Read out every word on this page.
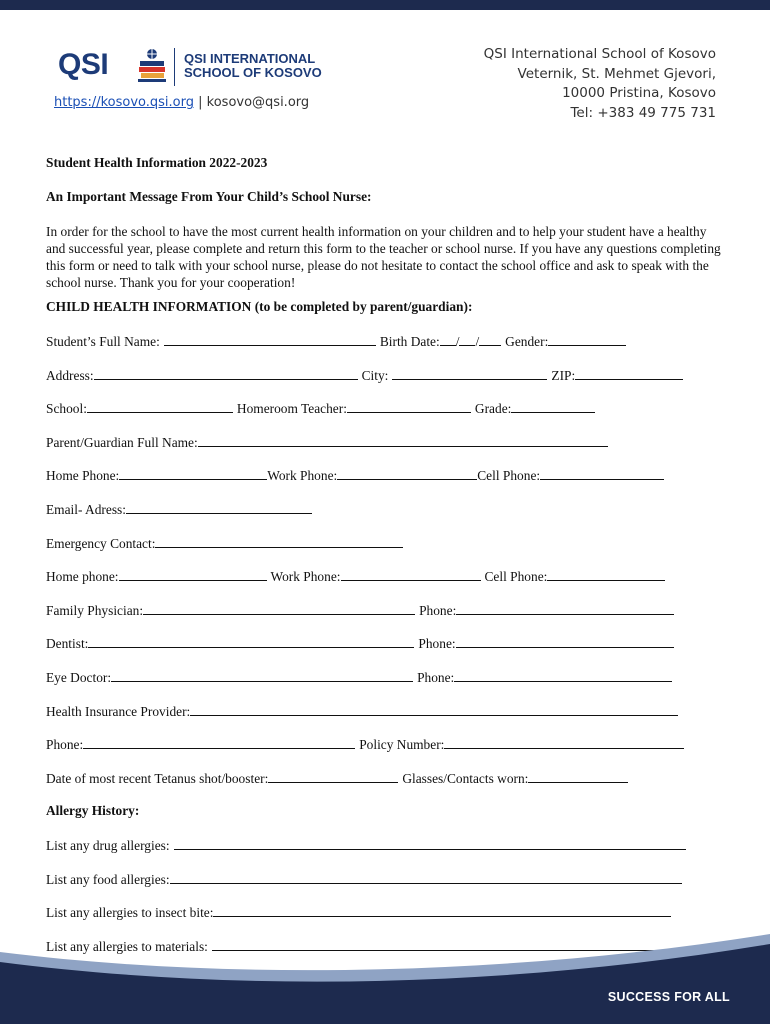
QSI	QSI INTERNATIONAL
SCHOOL OF KOSOVO
https://kosovo.qsi.org | kosovo@qsi.org
QSI International School of Kosovo
Veternik, St. Mehmet Gjevori,
10000 Pristina, Kosovo
Tel: +383 49 775 731
Student Health Information 2022-2023
An Important Message From Your Child’s School Nurse:

In order for the school to have the most current health information on your children and to help your student have a healthy and successful year, please complete and return this form to the teacher or school nurse. If you have any questions completing this form or need to talk with your school nurse, please do not hesitate to contact the school office and ask to speak with the school nurse. Thank you for your cooperation!

CHILD HEALTH INFORMATION (to be completed by parent/guardian):
Student’s Full Name:	Birth Date: / / Gender:
Address:	City:	ZIP:
School:	Homeroom Teacher:	Grade:
Parent/Guardian Full Name:
Home Phone:	Work Phone:	Cell Phone:
Email- Adress:
Emergency Contact:
Home phone:	Work Phone:	Cell Phone:
Family Physician:	Phone:
Dentist:	Phone:
Eye Doctor:	Phone:
Health Insurance Provider:
Phone:	Policy Number:
Date of most recent Tetanus shot/booster:	Glasses/Contacts worn:
Allergy History:
List any drug allergies:
List any food allergies:
List any allergies to insect bite:
List any allergies to materials:
SUCCESS FOR ALL
